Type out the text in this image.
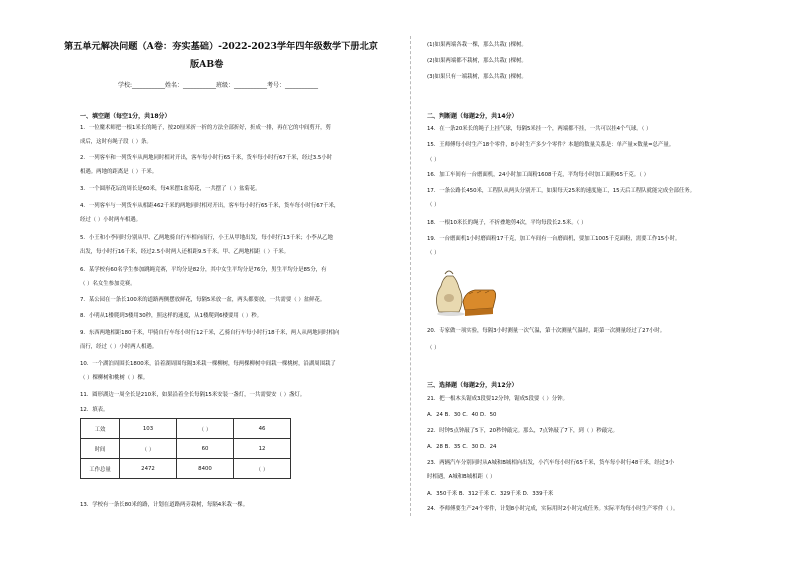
第五单元解决问题（A卷：夯实基础）-2022-2023学年四年级数学下册北京
版AB卷
学校:___________姓名：___________班级：___________考号：___________
一、填空题（每空1分，共18分）
1．一位魔术师把一根1米长的绳子，按20厘米折一折的方法全部折好，折成一排，再在它的中间剪开，剪
成后，这时有绳子段（ ）条。
2．一列客车和一列货车从两地同时相对开出，客车每小时行65千米，货车每小时行67千米，经过3.5小时
相遇。两地的距离是（ ）千米。
3．一个圆形花坛的周长是60米，每4米摆1盆菊花，一共摆了（ ）盆菊花。
4．一列客车与一列货车从相距462千米的两地同时相对开出，客车每小时行65千米，货车每小时行67千米，
经过（ ）小时两车相遇。
5．小王和小李同时分别从甲、乙两地骑自行车相向而行，小王从甲地出发，每小时行13千米；小李从乙地
出发，每小时行16千米，经过2.5小时两人还相距9.5千米。甲、乙两地相距（ ）千米。
6．某学校有60名学生参加跳绳竞赛，平均分是82分，其中女生平均分是76分，男生平均分是85分，有
（ ）名女生参加竞赛。
7．某公园在一条长100米的道路两侧摆放鲜花，每隔5米放一盆，两头都要放。一共需要（ ）盆鲜花。
8．小明从1楼爬到3楼用30秒，照这样的速度，从1楼爬到6楼要用（ ）秒。
9．东西两地相距180千米，甲骑自行车每小时行12千米，乙骑自行车每小时行18千米，两人从两地同时相向
而行，经过（ ）小时两人相遇。
10．一个湖泊周围长1800米，沿着湖周围每隔3米栽一棵柳树，每两棵柳树中间栽一棵桃树，沿湖周围栽了
（ ）棵柳树和桃树（ ）棵。
11．圆形湖边一周全长是210米，如果沿着全长每隔15米安装一盏灯，一共需要安（ ）盏灯。
12．填表。
工效	103	（ ）	46
时间	（ ）	60	12
工作总量	2472	8400	（ ）
13．学校有一条长80米的路，计划在道路两旁栽树，每隔4米栽一棵。
(1)如果两端各栽一棵，那么共栽( )棵树。
(2)如果两端都不栽树，那么共栽( )棵树。
(3)如果只有一端栽树，那么共栽( )棵树。
二、判断题（每题2分，共14分）
14．在一条20米长的绳子上挂气球，每隔5米挂一个，两端都不挂，一共可以挂4个气球。（ ）
15．王师傅每小时生产18个零件，8小时生产多少个零件？本题的数量关系是：单产量×数量=总产量。
（ ）
16．加工车间有一台磨面机，24小时加工面粉1608千克，平均每小时加工面粉65千克。（ ）
17．一条公路长450米，工程队从两头分别开工，如果每天25米的速度施工，15天后工程队就能完成全部任务。
（ ）
18．一根10米长的绳子，不折叠地剪4次，平均每段长2.5米。（ ）
19．一台磨面机1小时磨面粉17千克，加工车间有一台磨面机，要加工1005千克面粉，需要工作15小时。
（ ）
20．专家做一项实验，每隔3小时测量一次气温，第十次测量气温时，距第一次测量经过了27小时。
（ ）
三、选择题（每题2分，共12分）
21．把一根木头锯成3段要12分钟，锯成5段要（ ）分钟。
A．24 B．30 C．40 D．50
22．时钟5点钟敲了5下，20秒钟敲完。那么，7点钟敲了7下，到（ ）秒敲完。
A．28 B．35 C．30 D．24
23．两辆汽车分别同时从A城和B城相向出发，小汽车每小时行65千米，货车每小时行48千米，经过3小
时相遇，A城和B城相距（ ）
A．350千米 B．312千米 C．329千米 D．339千米
24．李师傅要生产24个零件，计划8小时完成，实际用时2小时完成任务。实际平均每小时生产零件（ ）。
